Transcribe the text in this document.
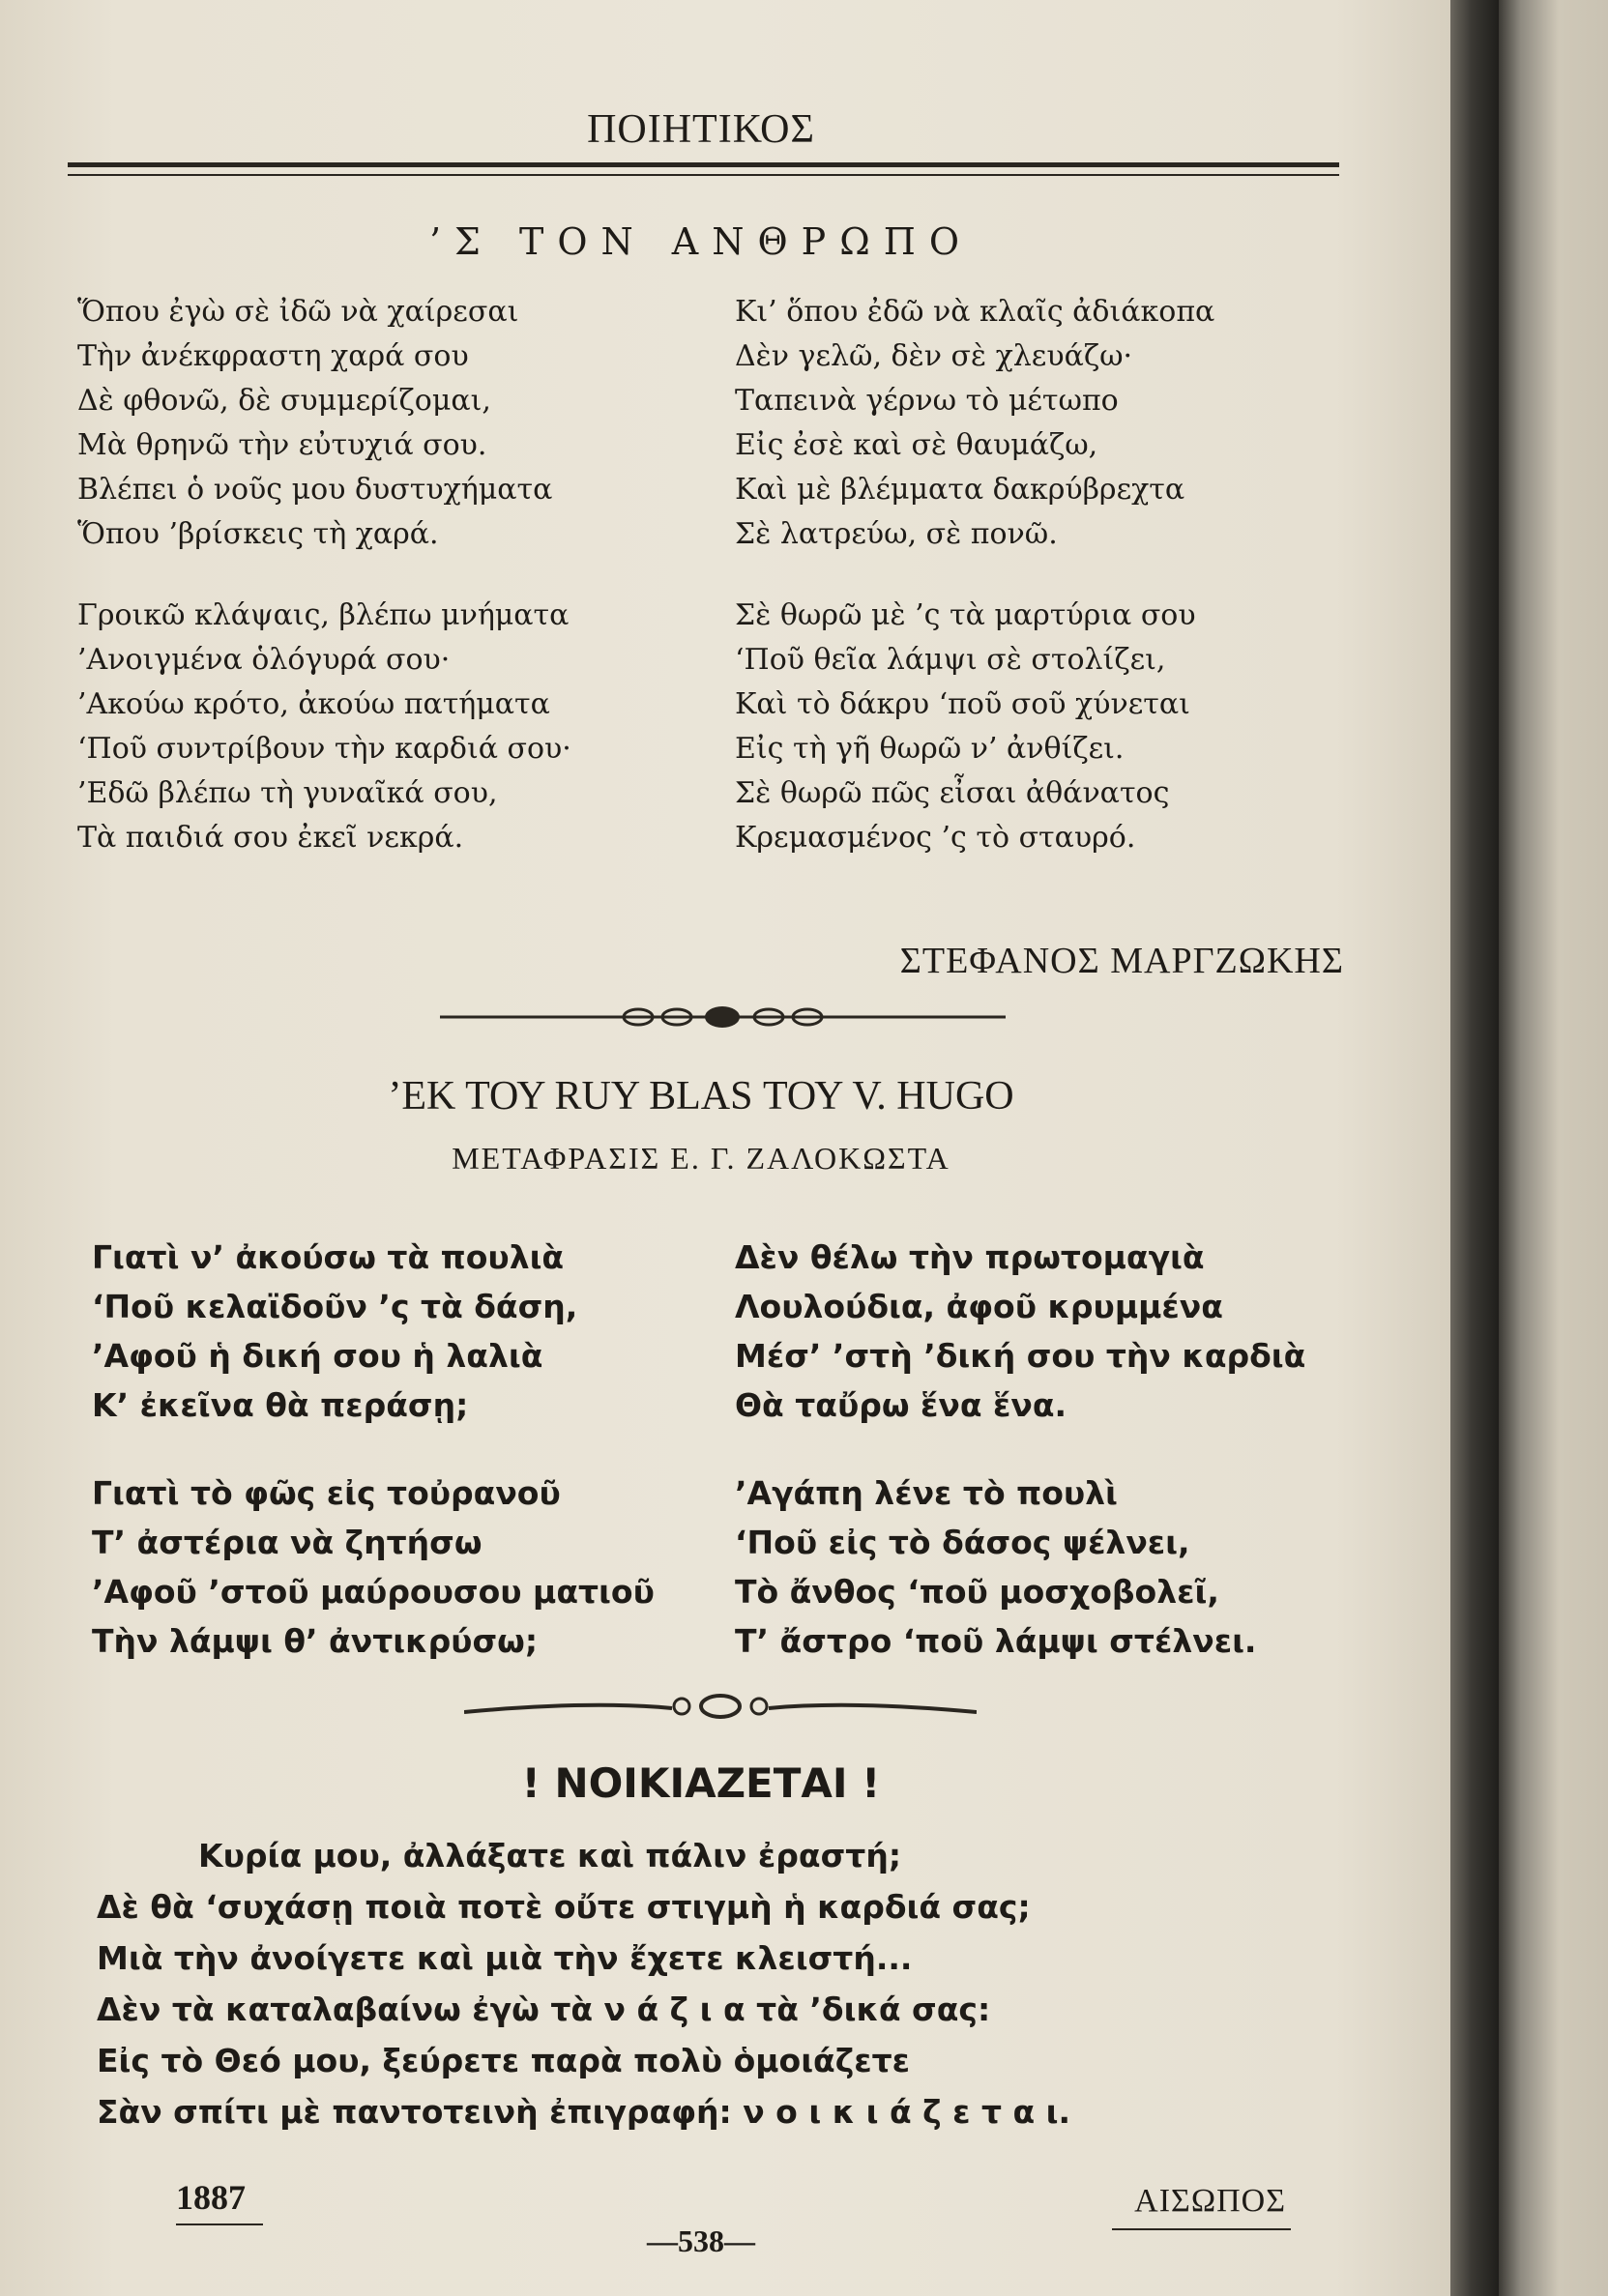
ΠΟΙΗΤΙΚΟΣ
’Σ ΤΟΝ ΑΝΘΡΩΠΟ
Ὅπου ἐγὼ σὲ ἰδῶ νὰ χαίρεσαι
Τὴν ἀνέκφραστη χαρά σου
Δὲ φθονῶ, δὲ συμμερίζομαι,
Μὰ θρηνῶ τὴν εὐτυχιά σου.
Βλέπει ὁ νοῦς μου δυστυχήματα
Ὅπου ’βρίσκεις τὴ χαρά.
Γροικῶ κλάψαις, βλέπω μνήματα
’Ανοιγμένα ὁλόγυρά σου·
’Ακούω κρότο, ἀκούω πατήματα
‘Ποῦ συντρίβουν τὴν καρδιά σου·
’Εδῶ βλέπω τὴ γυναῖκά σου,
Τὰ παιδιά σου ἐκεῖ νεκρά.
Κι’ ὅπου ἐδῶ νὰ κλαῖς ἀδιάκοπα
Δὲν γελῶ, δὲν σὲ χλευάζω·
Ταπεινὰ γέρνω τὸ μέτωπο
Εἰς ἐσὲ καὶ σὲ θαυμάζω,
Καὶ μὲ βλέμματα δακρύβρεχτα
Σὲ λατρεύω, σὲ πονῶ.
Σὲ θωρῶ μὲ ’ς τὰ μαρτύρια σου
‘Ποῦ θεῖα λάμψι σὲ στολίζει,
Καὶ τὸ δάκρυ ‘ποῦ σοῦ χύνεται
Εἰς τὴ γῆ θωρῶ ν’ ἀνθίζει.
Σὲ θωρῶ πῶς εἶσαι ἀθάνατος
Κρεμασμένος ’ς τὸ σταυρό.
ΣΤΕΦΑΝΟΣ ΜΑΡΓΖΩΚΗΣ
’ΕΚ ΤΟΥ RUY BLAS ΤΟΥ V. HUGO
ΜΕΤΑΦΡΑΣΙΣ Ε. Γ. ΖΑΛΟΚΩΣΤΑ
Γιατὶ ν’ ἀκούσω τὰ πουλιὰ
‘Ποῦ κελαϊδοῦν ’ς τὰ δάση,
’Αφοῦ ἡ δική σου ἡ λαλιὰ
Κ’ ἐκεῖνα θὰ περάσῃ;
Γιατὶ τὸ φῶς εἰς τοὐρανοῦ
Τ’ ἀστέρια νὰ ζητήσω
’Αφοῦ ’στοῦ μαύρουσου ματιοῦ
Τὴν λάμψι θ’ ἀντικρύσω;
Δὲν θέλω τὴν πρωτομαγιὰ
Λουλούδια, ἀφοῦ κρυμμένα
Μέσ’ ’στὴ ’δική σου τὴν καρδιὰ
Θὰ ταὔρω ἕνα ἕνα.
’Αγάπη λένε τὸ πουλὶ
‘Ποῦ εἰς τὸ δάσος ψέλνει,
Τὸ ἄνθος ‘ποῦ μοσχοβολεῖ,
Τ’ ἄστρο ‘ποῦ λάμψι στέλνει.
! ΝΟΙΚΙΑΖΕΤΑΙ !
Κυρία μου, ἀλλάξατε καὶ πάλιν ἐραστή;
Δὲ θὰ ‘συχάσῃ ποιὰ ποτὲ οὔτε στιγμὴ ἡ καρδιά σας;
Μιὰ τὴν ἀνοίγετε καὶ μιὰ τὴν ἔχετε κλειστή...
Δὲν τὰ καταλαβαίνω ἐγὼ τὰ ν ά ζ ι α τὰ ’δικά σας:
Εἰς τὸ Θεό μου, ξεύρετε παρὰ πολὺ ὁμοιάζετε
Σὰν σπίτι μὲ παντοτεινὴ ἐπιγραφή: ν ο ι κ ι ά ζ ε τ α ι.
1887	ΑΙΣΩΠΟΣ
—538—
